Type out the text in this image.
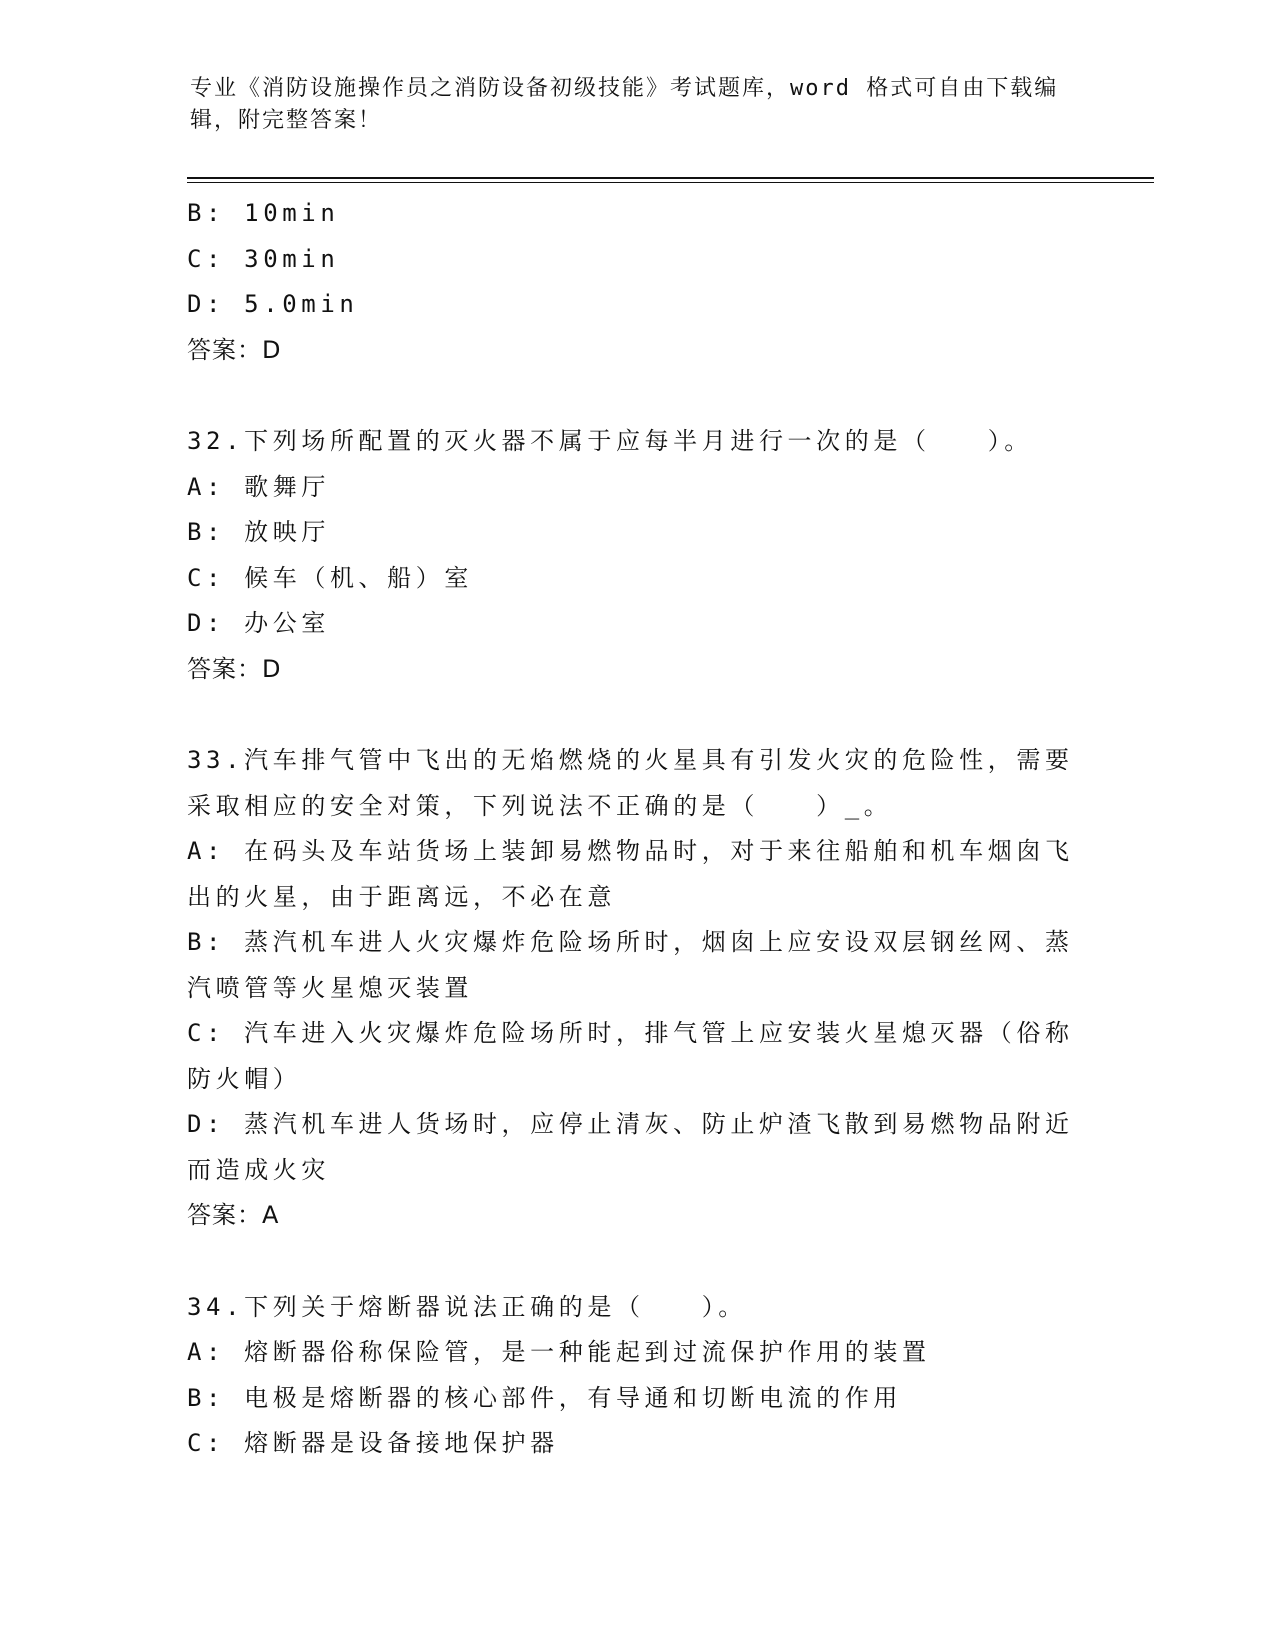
专业《消防设施操作员之消防设备初级技能》考试题库，word 格式可自由下载编
辑，附完整答案！
B: 10min
C: 30min
D: 5.0min
答案：D
32.下列场所配置的灭火器不属于应每半月进行一次的是（   ）。
A: 歌舞厅
B: 放映厅
C: 候车（机、船）室
D: 办公室
答案：D
33.汽车排气管中飞出的无焰燃烧的火星具有引发火灾的危险性，需要
采取相应的安全对策，下列说法不正确的是（   ）_。
A: 在码头及车站货场上装卸易燃物品时，对于来往船舶和机车烟囱飞
出的火星，由于距离远，不必在意
B: 蒸汽机车进人火灾爆炸危险场所时，烟囱上应安设双层钢丝网、蒸
汽喷管等火星熄灭装置
C: 汽车进入火灾爆炸危险场所时，排气管上应安装火星熄灭器（俗称
防火帽）
D: 蒸汽机车进人货场时，应停止清灰、防止炉渣飞散到易燃物品附近
而造成火灾
答案：A
34.下列关于熔断器说法正确的是（   ）。
A: 熔断器俗称保险管，是一种能起到过流保护作用的装置
B: 电极是熔断器的核心部件，有导通和切断电流的作用
C: 熔断器是设备接地保护器
